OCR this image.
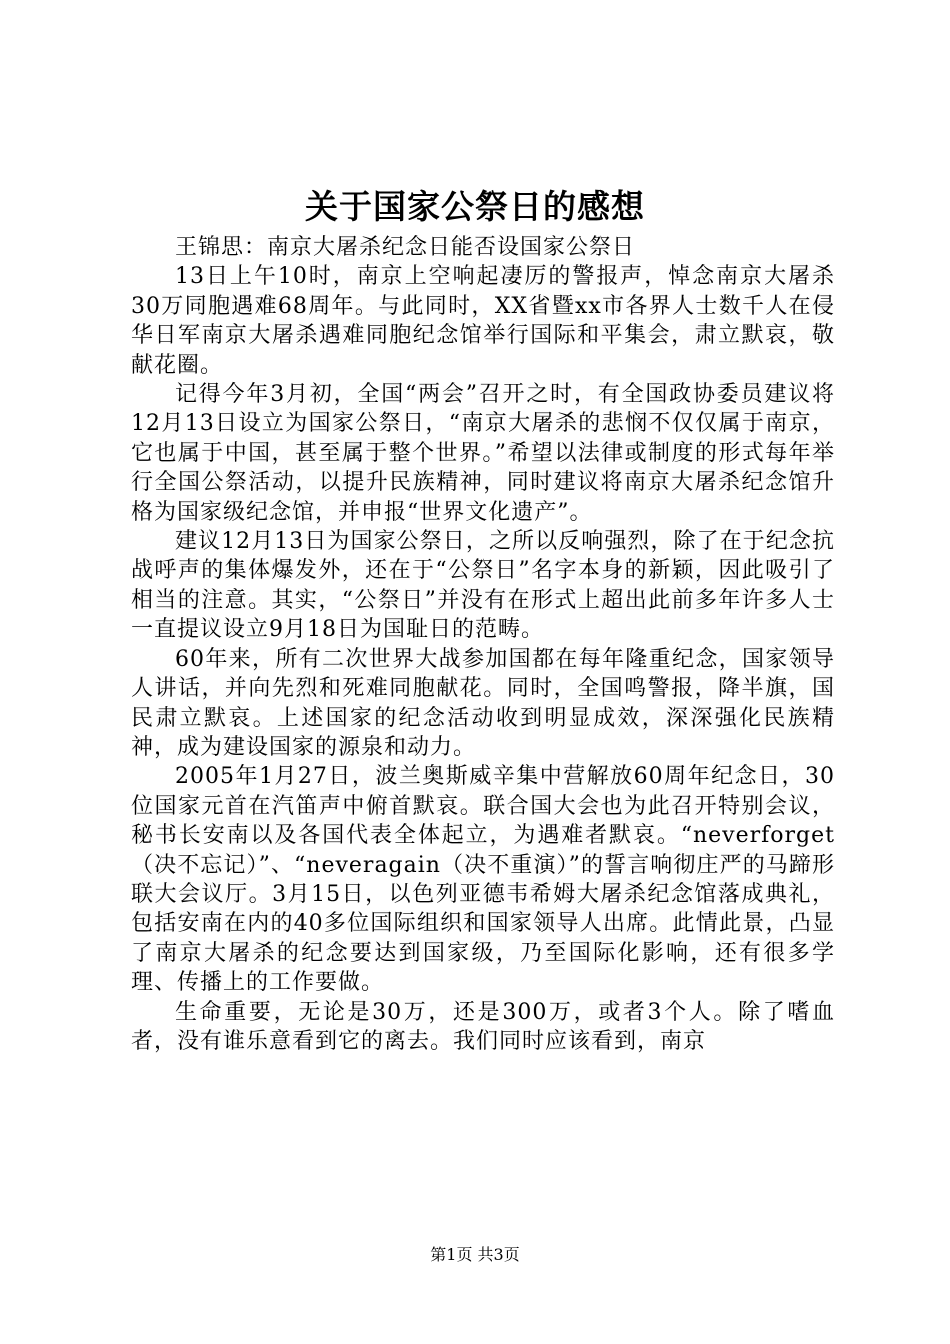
关于国家公祭日的感想

王锦思：南京大屠杀纪念日能否设国家公祭日

13日上午10时，南京上空响起凄厉的警报声，悼念南京大屠杀30万同胞遇难68周年。与此同时，XX省暨xx市各界人士数千人在侵华日军南京大屠杀遇难同胞纪念馆举行国际和平集会，肃立默哀，敬献花圈。

记得今年3月初，全国“两会”召开之时，有全国政协委员建议将12月13日设立为国家公祭日，“南京大屠杀的悲悯不仅仅属于南京，它也属于中国，甚至属于整个世界。”希望以法律或制度的形式每年举行全国公祭活动，以提升民族精神，同时建议将南京大屠杀纪念馆升格为国家级纪念馆，并申报“世界文化遗产”。

建议12月13日为国家公祭日，之所以反响强烈，除了在于纪念抗战呼声的集体爆发外，还在于“公祭日”名字本身的新颖，因此吸引了相当的注意。其实，“公祭日”并没有在形式上超出此前多年许多人士一直提议设立9月18日为国耻日的范畴。

60年来，所有二次世界大战参加国都在每年隆重纪念，国家领导人讲话，并向先烈和死难同胞献花。同时，全国鸣警报，降半旗，国民肃立默哀。上述国家的纪念活动收到明显成效，深深强化民族精神，成为建设国家的源泉和动力。

2005年1月27日，波兰奥斯威辛集中营解放60周年纪念日，30位国家元首在汽笛声中俯首默哀。联合国大会也为此召开特别会议，秘书长安南以及各国代表全体起立，为遇难者默哀。“neverforget（决不忘记）”、“neveragain（决不重演）”的誓言响彻庄严的马蹄形联大会议厅。3月15日，以色列亚德韦希姆大屠杀纪念馆落成典礼，包括安南在内的40多位国际组织和国家领导人出席。此情此景，凸显了南京大屠杀的纪念要达到国家级，乃至国际化影响，还有很多学理、传播上的工作要做。

生命重要，无论是30万，还是300万，或者3个人。除了嗜血者，没有谁乐意看到它的离去。我们同时应该看到，南京

第1页 共3页
